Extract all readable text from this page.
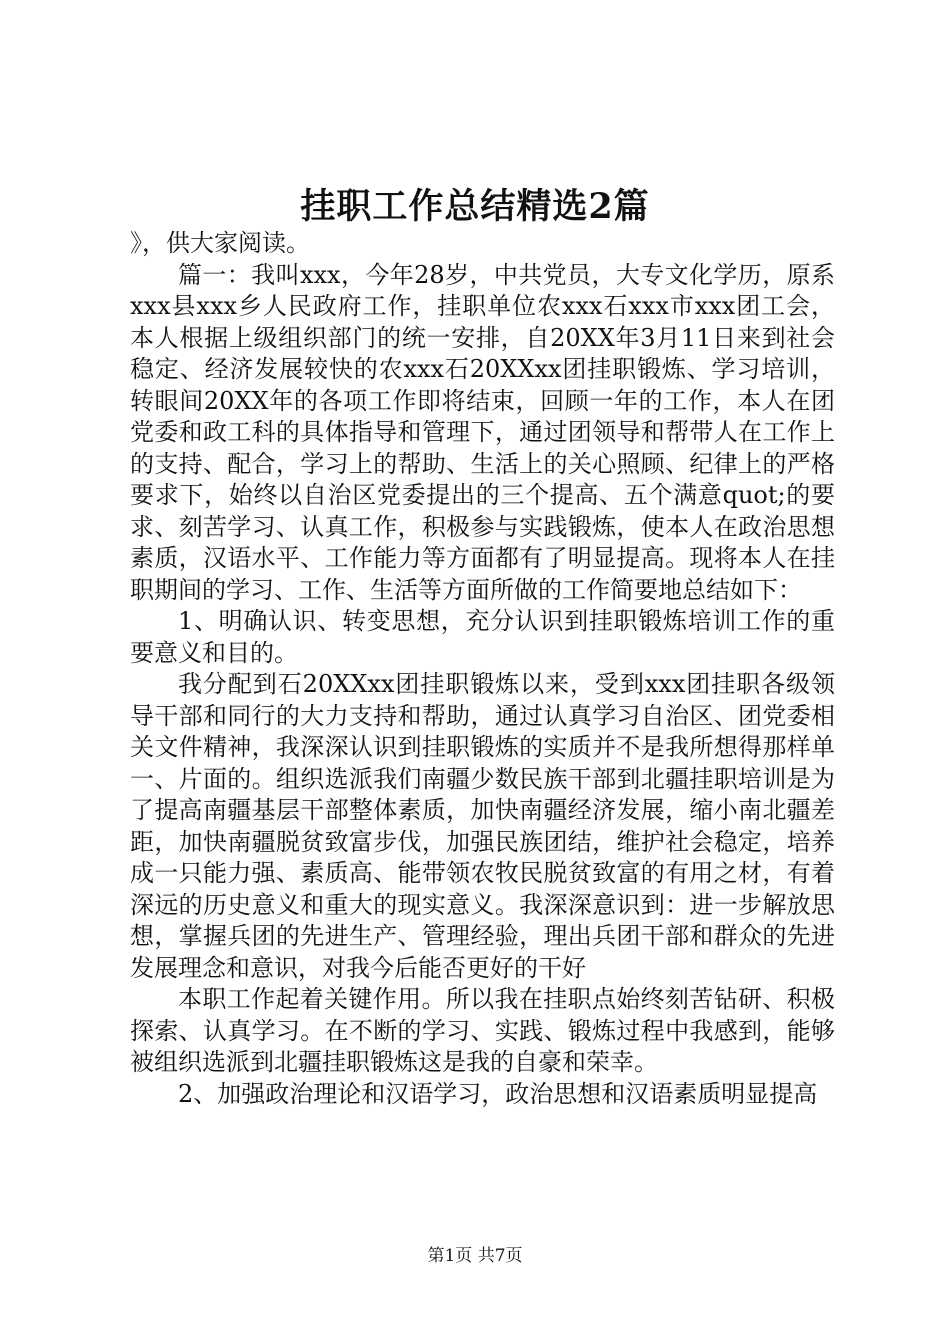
挂职工作总结精选2篇

》，供大家阅读。

篇一：我叫xxx，今年28岁，中共党员，大专文化学历，原系xxx县xxx乡人民政府工作，挂职单位农xxx石xxx市xxx团工会，本人根据上级组织部门的统一安排，自20XX年3月11日来到社会稳定、经济发展较快的农xxx石20XXxx团挂职锻炼、学习培训，转眼间20XX年的各项工作即将结束，回顾一年的工作，本人在团党委和政工科的具体指导和管理下，通过团领导和帮带人在工作上的支持、配合，学习上的帮助、生活上的关心照顾、纪律上的严格要求下，始终以自治区党委提出的三个提高、五个满意quot;的要求、刻苦学习、认真工作，积极参与实践锻炼，使本人在政治思想素质，汉语水平、工作能力等方面都有了明显提高。现将本人在挂职期间的学习、工作、生活等方面所做的工作简要地总结如下：

1、明确认识、转变思想，充分认识到挂职锻炼培训工作的重要意义和目的。

我分配到石20XXxx团挂职锻炼以来，受到xxx团挂职各级领导干部和同行的大力支持和帮助，通过认真学习自治区、团党委相关文件精神，我深深认识到挂职锻炼的实质并不是我所想得那样单一、片面的。组织选派我们南疆少数民族干部到北疆挂职培训是为了提高南疆基层干部整体素质，加快南疆经济发展，缩小南北疆差距，加快南疆脱贫致富步伐，加强民族团结，维护社会稳定，培养成一只能力强、素质高、能带领农牧民脱贫致富的有用之材，有着深远的历史意义和重大的现实意义。我深深意识到：进一步解放思想，掌握兵团的先进生产、管理经验，理出兵团干部和群众的先进发展理念和意识，对我今后能否更好的干好

本职工作起着关键作用。所以我在挂职点始终刻苦钻研、积极探索、认真学习。在不断的学习、实践、锻炼过程中我感到，能够被组织选派到北疆挂职锻炼这是我的自豪和荣幸。

2、加强政治理论和汉语学习，政治思想和汉语素质明显提高

第1页 共7页
